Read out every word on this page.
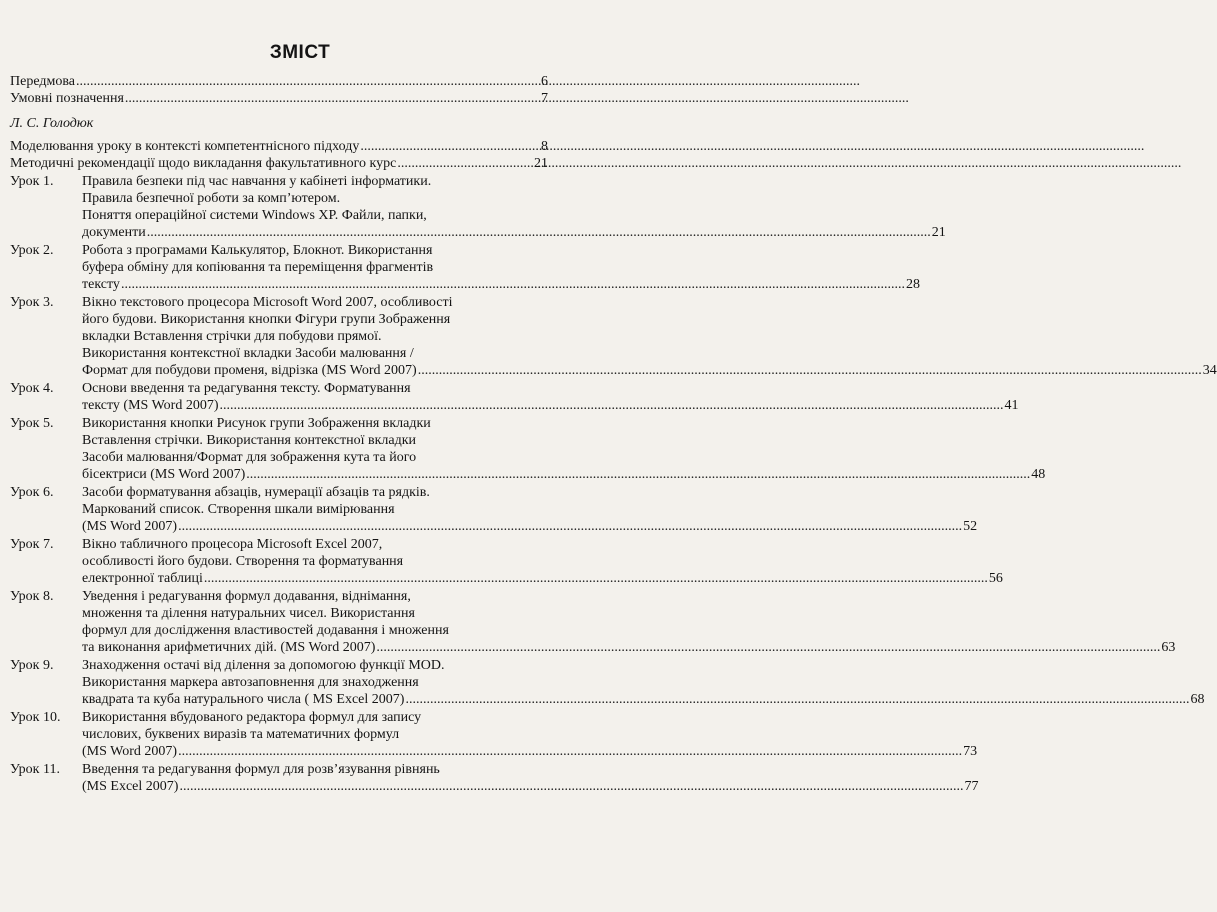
ЗМІСТ
Передмова .....	6
Умовні позначення .....	7
Л. С. Голодюк
Моделювання уроку в контексті компетентнісного підходу .....	8
Методичні рекомендації щодо викладання факультативного курс .....	21
Урок 1.	Правила безпеки під час навчання у кабінеті інформатики.
Правила безпечної роботи за комп’ютером.
Поняття операційної системи Windows XP. Файли, папки,
документи .....	21
Урок 2.	Робота з програмами Калькулятор, Блокнот. Використання
буфера обміну для копіювання та переміщення фрагментів
тексту .....	28
Урок 3.	Вікно текстового процесора Microsoft Word 2007, особливості
його будови. Використання кнопки Фігури групи Зображення
вкладки Вставлення стрічки для побудови прямої.
Використання контекстної вкладки Засоби малювання /
Формат для побудови променя, відрізка (MS Word 2007) .....	34
Урок 4.	Основи введення та редагування тексту. Форматування
тексту (MS Word 2007) .....	41
Урок 5.	Використання кнопки Рисунок групи Зображення вкладки
Вставлення стрічки. Використання контекстної вкладки
Засоби малювання/Формат для зображення кута та його
бісектриси (MS Word 2007) .....	48
Урок 6.	Засоби форматування абзаців, нумерації абзаців та рядків.
Маркований список. Створення шкали вимірювання
(MS Word 2007) .....	52
Урок 7.	Вікно табличного процесора Microsoft Excel 2007,
особливості його будови. Створення та форматування
електронної таблиці .....	56
Урок 8.	Уведення і редагування формул додавання, віднімання,
множення та ділення натуральних чисел. Використання
формул для дослідження властивостей додавання і множення
та виконання арифметичних дій. (MS Word 2007) .....	63
Урок 9.	Знаходження остачі від ділення за допомогою функції MOD.
Використання маркера автозаповнення для знаходження
квадрата та куба натурального числа ( MS Excel 2007) .....	68
Урок 10.	Використання вбудованого редактора формул для запису
числових, буквених виразів та математичних формул
(MS Word 2007) .....	73
Урок 11.	Введення та редагування формул для розв’язування рівнянь
(MS Excel 2007) .....	77
